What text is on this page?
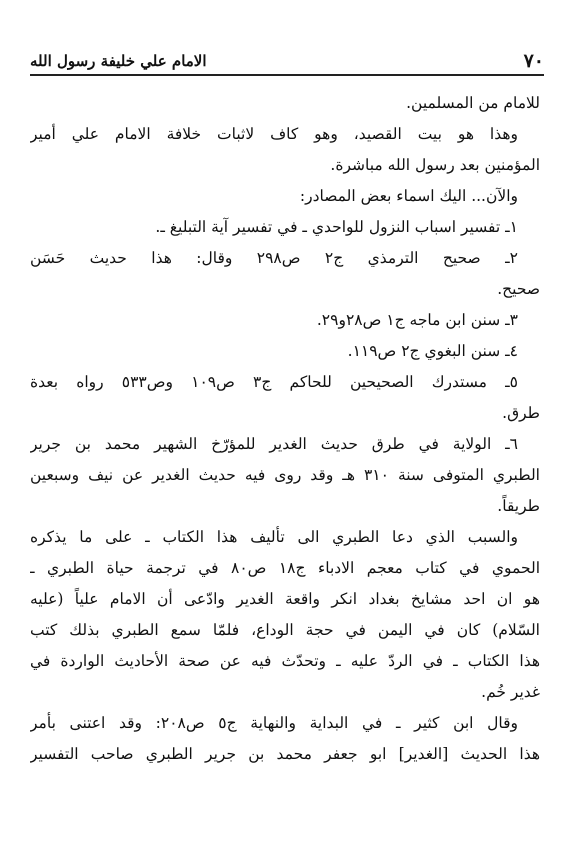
٧٠
الامام علي خليفة رسول الله
للامام من المسلمين.
وهذا هو بيت القصيد، وهو كاف لاثبات خلافة الامام علي أمير
المؤمنين بعد رسول الله مباشرة.
والآن... اليك اسماء بعض المصادر:
١ـ تفسير اسباب النزول للواحدي ـ في تفسير آية التبليغ ـ.
٢ـ صحيح الترمذي ج٢ ص٢٩٨ وقال: هذا حديث حَسَن
صحيح.
٣ـ سنن ابن ماجه ج١ ص٢٨و٢٩.
٤ـ سنن البغوي ج٢ ص١١٩.
٥ـ مستدرك الصحيحين للحاكم ج٣ ص١٠٩ وص٥٣٣ رواه بعدة
طرق.
٦ـ الولاية في طرق حديث الغدير للمؤرّخ الشهير محمد بن جرير
الطبري المتوفى سنة ٣١٠ هـ وقد روى فيه حديث الغدير عن نيف وسبعين
طريقاً.
والسبب الذي دعا الطبري الى تأليف هذا الكتاب ـ على ما يذكره
الحموي في كتاب معجم الادباء ج١٨ ص٨٠ في ترجمة حياة الطبري ـ
هو ان احد مشايخ بغداد انكر واقعة الغدير وادّعى أن الامام علياً (عليه
السّلام) كان في اليمن في حجة الوداع، فلمّا سمع الطبري بذلك كتب
هذا الكتاب ـ في الردّ عليه ـ وتحدّث فيه عن صحة الأحاديث الواردة في
غدير خُم.
وقال ابن كثير ـ في البداية والنهاية ج٥ ص٢٠٨: وقد اعتنى بأمر
هذا الحديث [الغدير] ابو جعفر محمد بن جرير الطبري صاحب التفسير
